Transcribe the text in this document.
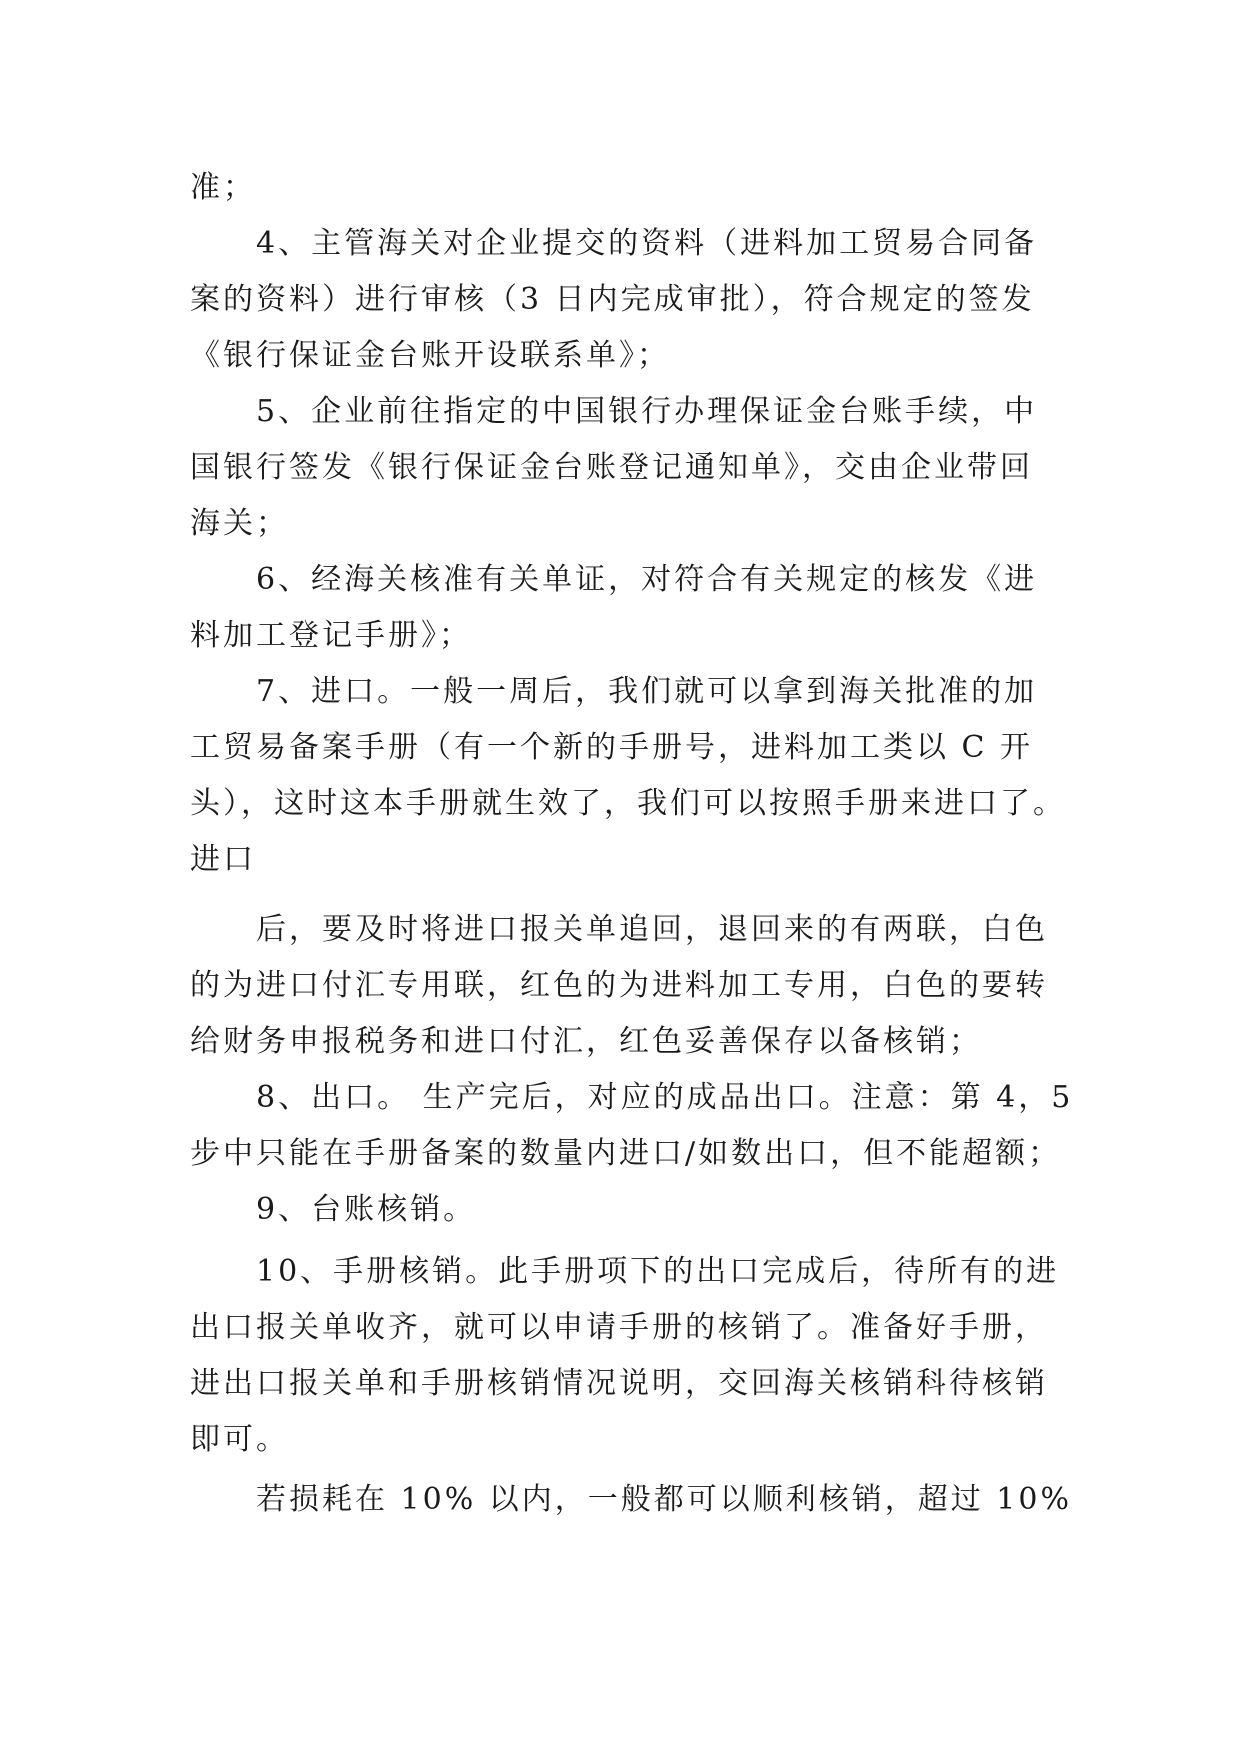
准；
4、主管海关对企业提交的资料（进料加工贸易合同备
案的资料）进行审核（3 日内完成审批），符合规定的签发
《银行保证金台账开设联系单》；
5、企业前往指定的中国银行办理保证金台账手续，中
国银行签发《银行保证金台账登记通知单》，交由企业带回
海关；
6、经海关核准有关单证，对符合有关规定的核发《进
料加工登记手册》；
7、进口。一般一周后，我们就可以拿到海关批准的加
工贸易备案手册（有一个新的手册号，进料加工类以 C 开
头），这时这本手册就生效了，我们可以按照手册来进口了。
进口
后，要及时将进口报关单追回，退回来的有两联，白色
的为进口付汇专用联，红色的为进料加工专用，白色的要转
给财务申报税务和进口付汇，红色妥善保存以备核销；
8、出口。 生产完后，对应的成品出口。注意：第 4，5
步中只能在手册备案的数量内进口/如数出口，但不能超额；
9、台账核销。
10、手册核销。此手册项下的出口完成后，待所有的进
出口报关单收齐，就可以申请手册的核销了。准备好手册，
进出口报关单和手册核销情况说明，交回海关核销科待核销
即可。
若损耗在 10% 以内，一般都可以顺利核销，超过 10%
